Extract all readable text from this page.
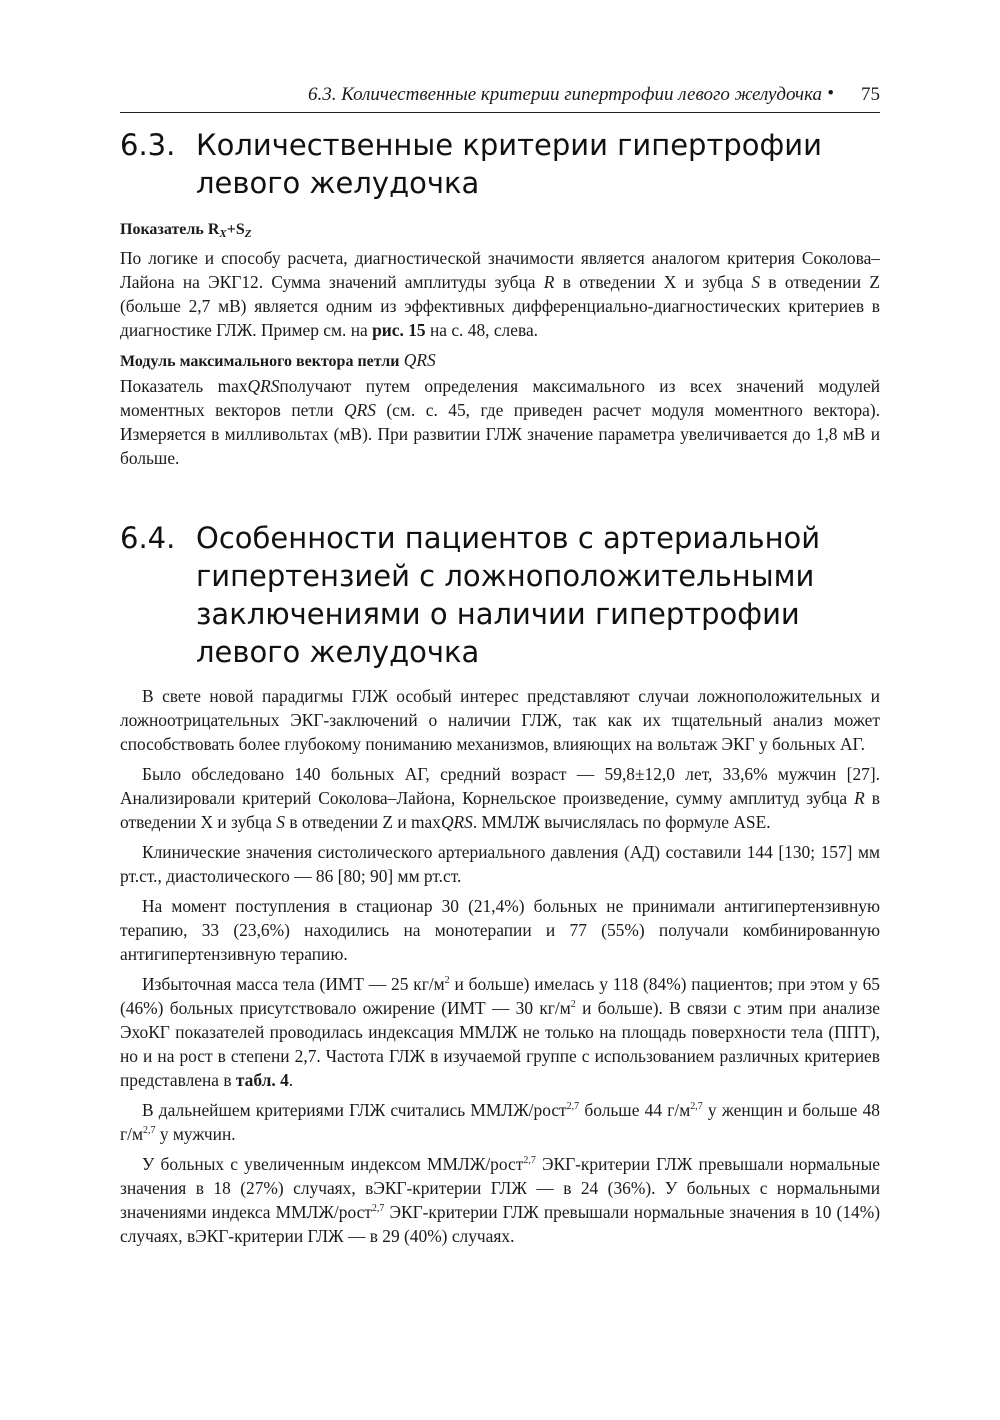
6.3. Количественные критерии гипертрофии левого желудочка • 75
6.3. Количественные критерии гипертрофии левого желудочка

Показатель $R_X+S_Z$

По логике и способу расчета, диагностической значимости является аналогом критерия Соколова–Лайона на ЭКГ12. Сумма значений амплитуды зубца R в отведении X и зубца S в отведении Z (больше 2,7 мВ) является одним из эффективных дифференциально-диагностических критериев в диагностике ГЛЖ. Пример см. на рис. 15 на с. 48, слева.

Модуль максимального вектора петли QRS

Показатель maxQRSполучают путем определения максимального из всех значений модулей моментных векторов петли QRS (см. с. 45, где приведен расчет модуля моментного вектора). Измеряется в милливольтах (мВ). При развитии ГЛЖ значение параметра увеличивается до 1,8 мВ и больше.

6.4. Особенности пациентов с артериальной гипертензией с ложноположительными заключениями о наличии гипертрофии левого желудочка

В свете новой парадигмы ГЛЖ особый интерес представляют случаи ложноположительных и ложноотрицательных ЭКГ-заключений о наличии ГЛЖ, так как их тщательный анализ может способствовать более глубокому пониманию механизмов, влияющих на вольтаж ЭКГ у больных АГ.

Было обследовано 140 больных АГ, средний возраст — 59,8±12,0 лет, 33,6% мужчин [27]. Анализировали критерий Соколова–Лайона, Корнельское произведение, сумму амплитуд зубца R в отведении X и зубца S в отведении Z и maxQRS. ММЛЖ вычислялась по формуле ASE.

Клинические значения систолического артериального давления (АД) составили 144 [130; 157] мм рт.ст., диастолического — 86 [80; 90] мм рт.ст.

На момент поступления в стационар 30 (21,4%) больных не принимали антигипертензивную терапию, 33 (23,6%) находились на монотерапии и 77 (55%) получали комбинированную антигипертензивную терапию.

Избыточная масса тела (ИМТ — 25 $кг/м^2$ и больше) имелась у 118 (84%) пациентов; при этом у 65 (46%) больных присутствовало ожирение (ИМТ — 30 $кг/м^2$ и больше). В связи с этим при анализе ЭхоКГ показателей проводилась индексация ММЛЖ не только на площадь поверхности тела (ППТ), но и на рост в степени 2,7. Частота ГЛЖ в изучаемой группе с использованием различных критериев представлена в табл. 4.

В дальнейшем критериями ГЛЖ считались ММЛЖ/рост$^{2,7}$ больше 44 $г/м^{2,7}$ у женщин и больше 48 $г/м^{2,7}$ у мужчин.

У больных с увеличенным индексом ММЛЖ/рост$^{2,7}$ ЭКГ-критерии ГЛЖ превышали нормальные значения в 18 (27%) случаях, вЭКГ-критерии ГЛЖ — в 24 (36%). У больных с нормальными значениями индекса ММЛЖ/рост$^{2,7}$ ЭКГ-критерии ГЛЖ превышали нормальные значения в 10 (14%) случаях, вЭКГ-критерии ГЛЖ — в 29 (40%) случаях.
